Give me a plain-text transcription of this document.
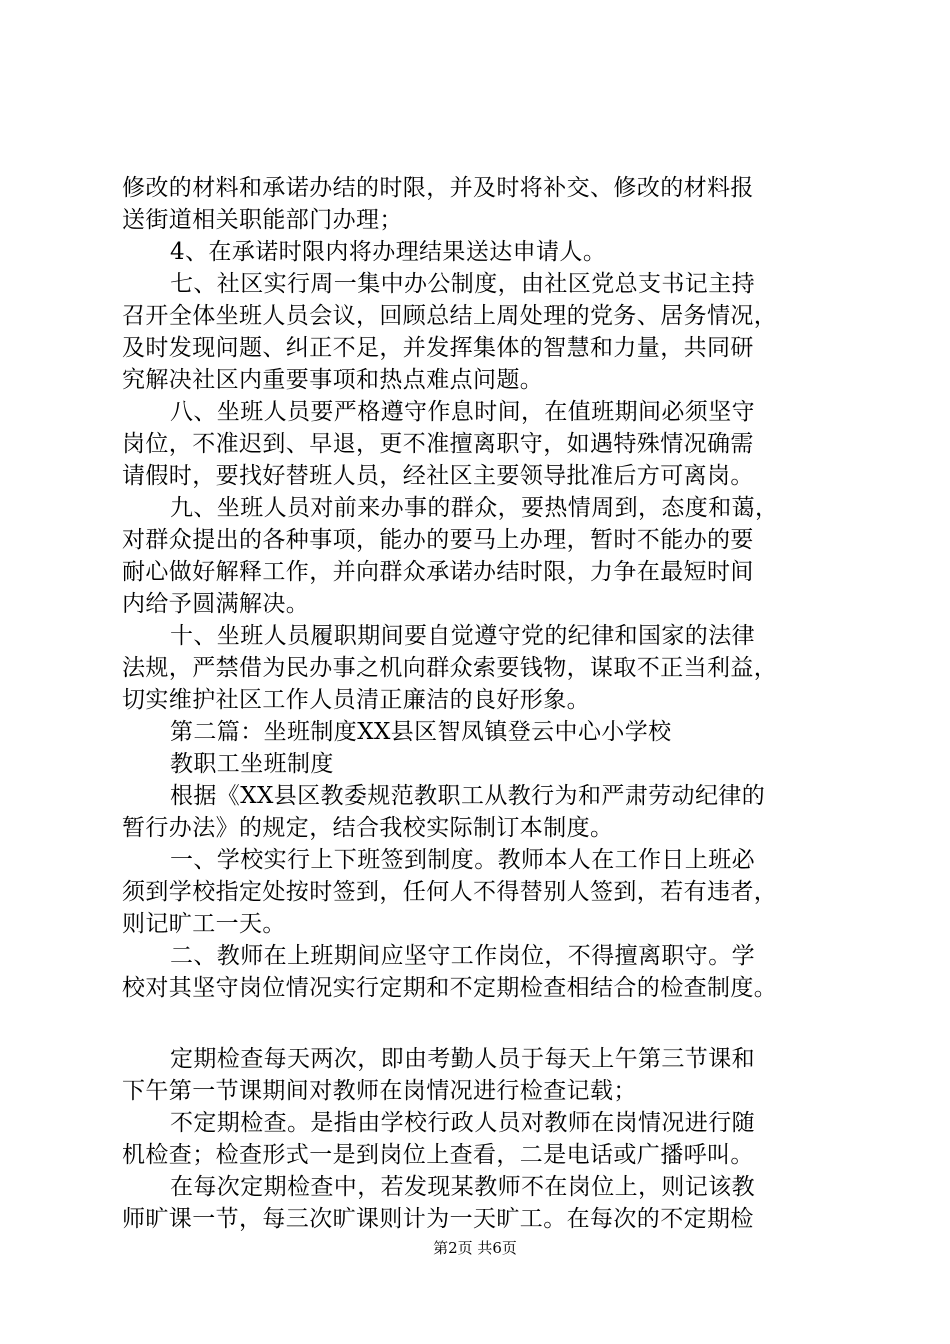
修改的材料和承诺办结的时限，并及时将补交、修改的材料报
送街道相关职能部门办理；
4、在承诺时限内将办理结果送达申请人。
七、社区实行周一集中办公制度，由社区党总支书记主持
召开全体坐班人员会议，回顾总结上周处理的党务、居务情况，
及时发现问题、纠正不足，并发挥集体的智慧和力量，共同研
究解决社区内重要事项和热点难点问题。
八、坐班人员要严格遵守作息时间，在值班期间必须坚守
岗位，不准迟到、早退，更不准擅离职守，如遇特殊情况确需
请假时，要找好替班人员，经社区主要领导批准后方可离岗。
九、坐班人员对前来办事的群众，要热情周到，态度和蔼，
对群众提出的各种事项，能办的要马上办理，暂时不能办的要
耐心做好解释工作，并向群众承诺办结时限，力争在最短时间
内给予圆满解决。
十、坐班人员履职期间要自觉遵守党的纪律和国家的法律
法规，严禁借为民办事之机向群众索要钱物，谋取不正当利益，
切实维护社区工作人员清正廉洁的良好形象。
第二篇：坐班制度XX县区智凤镇登云中心小学校
教职工坐班制度
根据《XX县区教委规范教职工从教行为和严肃劳动纪律的
暂行办法》的规定，结合我校实际制订本制度。
一、学校实行上下班签到制度。教师本人在工作日上班必
须到学校指定处按时签到，任何人不得替别人签到，若有违者，
则记旷工一天。
二、教师在上班期间应坚守工作岗位，不得擅离职守。学
校对其坚守岗位情况实行定期和不定期检查相结合的检查制度。
定期检查每天两次，即由考勤人员于每天上午第三节课和
下午第一节课期间对教师在岗情况进行检查记载；
不定期检查。是指由学校行政人员对教师在岗情况进行随
机检查；检查形式一是到岗位上查看，二是电话或广播呼叫。
在每次定期检查中，若发现某教师不在岗位上，则记该教
师旷课一节，每三次旷课则计为一天旷工。在每次的不定期检
第2页 共6页
